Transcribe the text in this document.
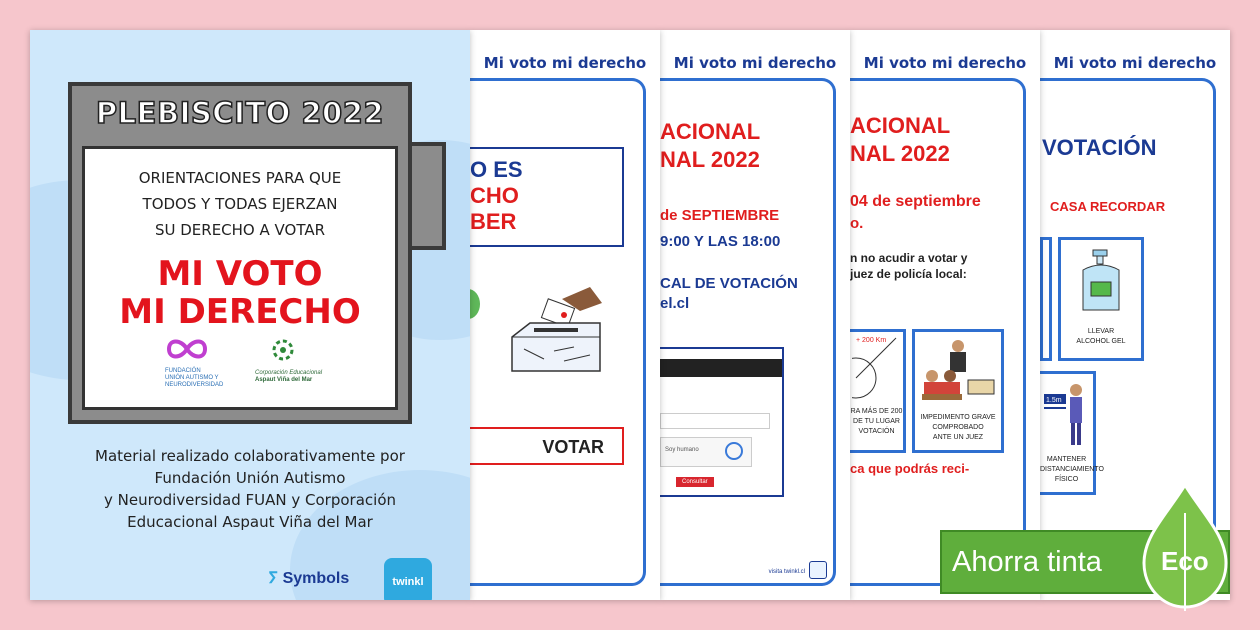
Mi voto mi derecho
VOTACIÓN
CASA RECORDAR
LLEVAR
ALCOHOL GEL
1.5m
MANTENER
DISTANCIAMIENTO
FÍSICO
Mi voto mi derecho
ACIONAL
NAL 2022
04 de septiembre
o.
n no acudir a votar y
juez de policía local:
+ 200 Km
RA MÁS DE 200
DE TU LUGAR
VOTACIÓN
IMPEDIMENTO GRAVE
COMPROBADO
ANTE UN JUEZ
ca que podrás reci-
Mi voto mi derecho
ACIONAL
NAL 2022
de SEPTIEMBRE
9:00 Y LAS 18:00
CAL DE VOTACIÓN
el.cl
Soy humano
Consultar
visita twinkl.cl
Mi voto mi derecho
O ES
CHO
BER
VOTAR
PLEBISCITO 2022
ORIENTACIONES PARA QUE
TODOS Y TODAS EJERZAN
SU DERECHO A VOTAR
MI VOTO
MI DERECHO
FUNDACIÓN
UNIÓN AUTISMO Y
NEURODIVERSIDAD
Corporación Educacional
Aspaut Viña del Mar
Material realizado colaborativamente por
Fundación Unión Autismo
y Neurodiversidad FUAN y Corporación
Educacional Aspaut Viña del Mar
ⵢ Symbols	twinkl
Ahorra tinta Eco
